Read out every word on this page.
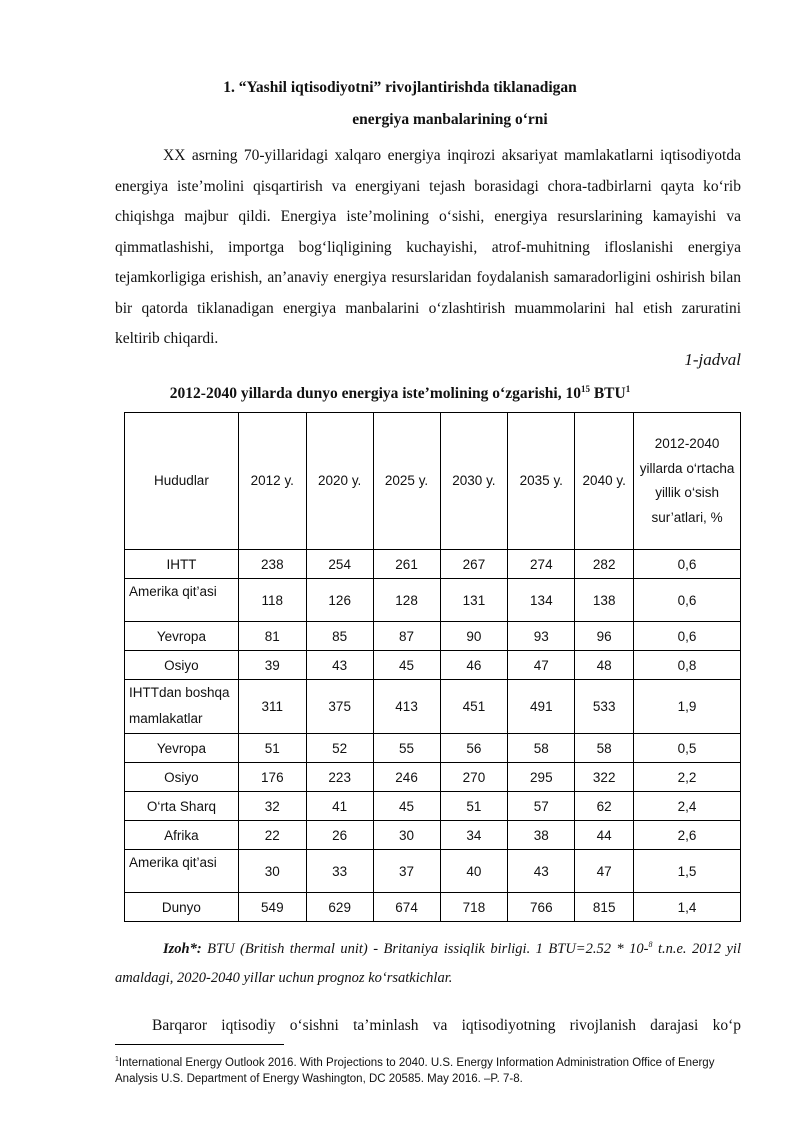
1. “Yashil iqtisodiyotni” rivojlantirishda tiklanadigan
energiya manbalarining o‘rni
XX asrning 70-yillaridagi xalqaro energiya inqirozi aksariyat mamlakatlarni iqtisodiyotda energiya iste’molini qisqartirish va energiyani tejash borasidagi chora-tadbirlarni qayta ko‘rib chiqishga majbur qildi. Energiya iste’molining o‘sishi, energiya resurslarining kamayishi va qimmatlashishi, importga bog‘liqligining kuchayishi, atrof-muhitning ifloslanishi energiya tejamkorligiga erishish, an’anaviy energiya resurslaridan foydalanish samaradorligini oshirish bilan bir qatorda tiklanadigan energiya manbalarini o‘zlashtirish muammolarini hal etish zaruratini keltirib chiqardi.
1-jadval
2012-2040 yillarda dunyo energiya iste’molining o‘zgarishi, $10^{15}$ BTU$^1$
Hududlar	2012 y.	2020 y.	2025 y.	2030 y.	2035 y.	2040 y.	2012-2040 yillarda o‘rtacha yillik o‘sish sur’atlari, %
IHTT	238	254	261	267	274	282	0,6
Amerika qit’asi	118	126	128	131	134	138	0,6
Yevropa	81	85	87	90	93	96	0,6
Osiyo	39	43	45	46	47	48	0,8
IHTTdan boshqa mamlakatlar	311	375	413	451	491	533	1,9
Yevropa	51	52	55	56	58	58	0,5
Osiyo	176	223	246	270	295	322	2,2
O‘rta Sharq	32	41	45	51	57	62	2,4
Afrika	22	26	30	34	38	44	2,6
Amerika qit’asi	30	33	37	40	43	47	1,5
Dunyo	549	629	674	718	766	815	1,4
Izoh*: BTU (British thermal unit) - Britaniya issiqlik birligi. 1 BTU=2.52 * 10-$^8$ t.n.e. 2012 yil amaldagi, 2020-2040 yillar uchun prognoz ko‘rsatkichlar.
Barqaror iqtisodiy o‘sishni ta’minlash va iqtisodiyotning rivojlanish darajasi ko‘p
$^1$International Energy Outlook 2016. With Projections to 2040. U.S. Energy Information Administration Office of Energy Analysis U.S. Department of Energy Washington, DC 20585. May 2016. –P. 7-8.
